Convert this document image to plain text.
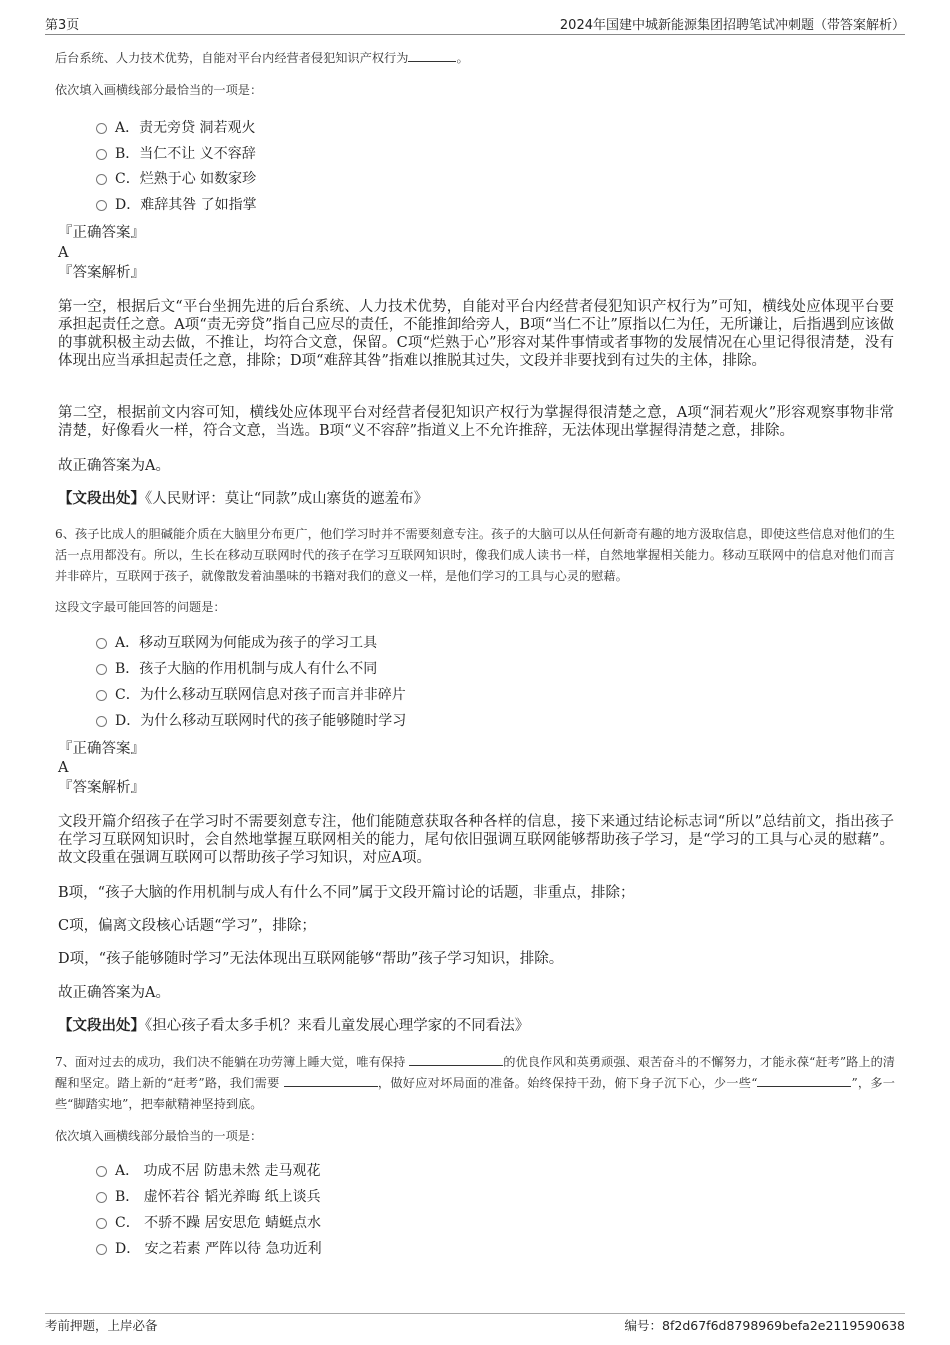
第3页	2024年国建中城新能源集团招聘笔试冲刺题（带答案解析）
后台系统、人力技术优势，自能对平台内经营者侵犯知识产权行为	。
依次填入画横线部分最恰当的一项是：
A．责无旁贷 洞若观火
B．当仁不让 义不容辞
C．烂熟于心 如数家珍
D．难辞其咎 了如指掌
『正确答案』
A
『答案解析』
第一空，根据后文“平台坐拥先进的后台系统、人力技术优势，自能对平台内经营者侵犯知识产权行为”可知，横线处应体现平台要承担起责任之意。A项“责无旁贷”指自己应尽的责任，不能推卸给旁人，B项“当仁不让”原指以仁为任，无所谦让，后指遇到应该做的事就积极主动去做，不推让，均符合文意，保留。C项“烂熟于心”形容对某件事情或者事物的发展情况在心里记得很清楚，没有体现出应当承担起责任之意，排除；D项“难辞其咎”指难以推脱其过失，文段并非要找到有过失的主体，排除。
第二空，根据前文内容可知，横线处应体现平台对经营者侵犯知识产权行为掌握得很清楚之意，A项“洞若观火”形容观察事物非常清楚，好像看火一样，符合文意，当选。B项“义不容辞”指道义上不允许推辞，无法体现出掌握得清楚之意，排除。
故正确答案为A。
【文段出处】《人民财评：莫让“同款”成山寨货的遮羞布》
6、孩子比成人的胆碱能介质在大脑里分布更广，他们学习时并不需要刻意专注。孩子的大脑可以从任何新奇有趣的地方汲取信息，即使这些信息对他们的生活一点用都没有。所以，生长在移动互联网时代的孩子在学习互联网知识时，像我们成人读书一样，自然地掌握相关能力。移动互联网中的信息对他们而言并非碎片，互联网于孩子，就像散发着油墨味的书籍对我们的意义一样，是他们学习的工具与心灵的慰藉。
这段文字最可能回答的问题是：
A．移动互联网为何能成为孩子的学习工具
B．孩子大脑的作用机制与成人有什么不同
C．为什么移动互联网信息对孩子而言并非碎片
D．为什么移动互联网时代的孩子能够随时学习
『正确答案』
A
『答案解析』
文段开篇介绍孩子在学习时不需要刻意专注，他们能随意获取各种各样的信息，接下来通过结论标志词“所以”总结前文，指出孩子在学习互联网知识时，会自然地掌握互联网相关的能力，尾句依旧强调互联网能够帮助孩子学习，是“学习的工具与心灵的慰藉”。故文段重在强调互联网可以帮助孩子学习知识，对应A项。
B项，“孩子大脑的作用机制与成人有什么不同”属于文段开篇讨论的话题，非重点，排除；
C项，偏离文段核心话题“学习”，排除；
D项，“孩子能够随时学习”无法体现出互联网能够“帮助”孩子学习知识，排除。
故正确答案为A。
【文段出处】《担心孩子看太多手机？来看儿童发展心理学家的不同看法》
7、面对过去的成功，我们决不能躺在功劳簿上睡大觉，唯有保持	的优良作风和英勇顽强、艰苦奋斗的不懈努力，才能永葆“赶考”路上的清醒和坚定。踏上新的“赶考”路，我们需要	，做好应对坏局面的准备。始终保持干劲，俯下身子沉下心，少一些“	”，多一些“脚踏实地”，把奉献精神坚持到底。
依次填入画横线部分最恰当的一项是：
A． 功成不居 防患未然 走马观花
B． 虚怀若谷 韬光养晦 纸上谈兵
C． 不骄不躁 居安思危 蜻蜓点水
D． 安之若素 严阵以待 急功近利
考前押题，上岸必备	编号：8f2d67f6d8798969befa2e2119590638
